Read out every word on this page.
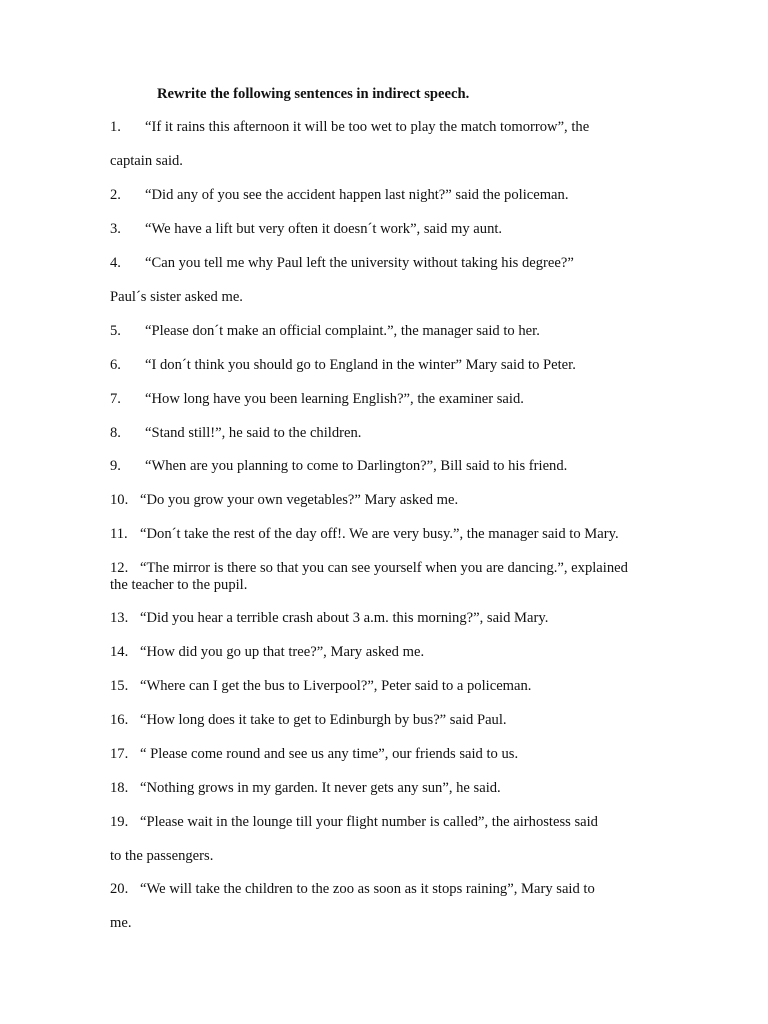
Rewrite the following sentences in indirect speech.
1. “If it rains this afternoon it will be too wet to play the match tomorrow”, the
captain said.
2. “Did any of you see the accident happen last night?” said the policeman.
3. “We have a lift but very often it doesn´t work”, said my aunt.
4. “Can you tell me why Paul left the university without taking his degree?”
Paul´s sister asked me.
5. “Please don´t make an official complaint.”, the manager said to her.
6. “I don´t think you should go to England in the winter” Mary said to Peter.
7. “How long have you been learning English?”, the examiner said.
8. “Stand still!”, he said to the children.
9. “When are you planning to come to Darlington?”, Bill said to his friend.
10. “Do you grow your own vegetables?” Mary asked me.
11. “Don´t take the rest of the day off!. We are very busy.”, the manager said to Mary.
12. “The mirror is there so that you can see yourself when you are dancing.”, explained
the teacher to the pupil.
13. “Did you hear a terrible crash about 3 a.m. this morning?”, said Mary.
14. “How did you go up that tree?”, Mary asked me.
15. “Where can I get the bus to Liverpool?”, Peter said to a policeman.
16. “How long does it take to get to Edinburgh by bus?” said Paul.
17. “ Please come round and see us any time”, our friends said to us.
18. “Nothing grows in my garden. It never gets any sun”, he said.
19. “Please wait in the lounge till your flight number is called”, the airhostess said
to the passengers.
20. “We will take the children to the zoo as soon as it stops raining”, Mary said to
me.
